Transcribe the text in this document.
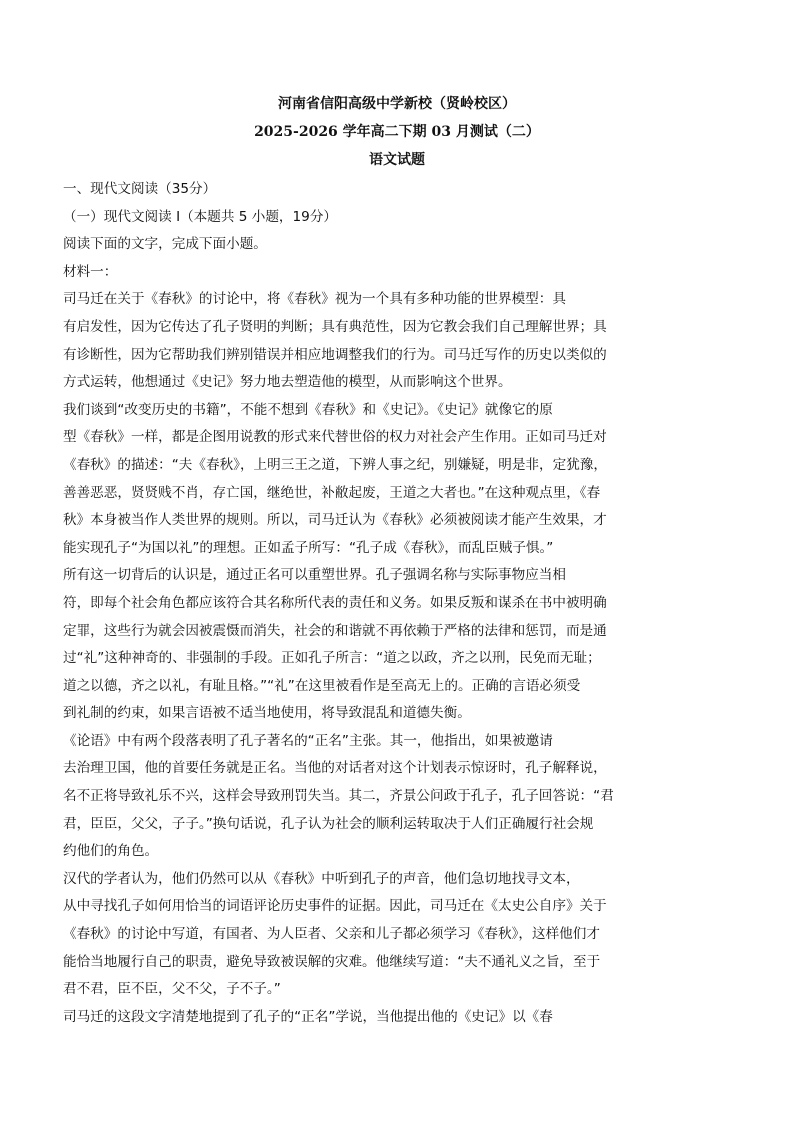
河南省信阳高级中学新校（贤岭校区）
2025-2026 学年高二下期 03 月测试（二）
语文试题

一、现代文阅读（35分）

（一）现代文阅读 I（本题共 5 小题，19分）

阅读下面的文字，完成下面小题。

材料一：

司马迁在关于《春秋》的讨论中，将《春秋》视为一个具有多种功能的世界模型：具

有启发性，因为它传达了孔子贤明的判断；具有典范性，因为它教会我们自己理解世界；具

有诊断性，因为它帮助我们辨别错误并相应地调整我们的行为。司马迁写作的历史以类似的

方式运转，他想通过《史记》努力地去塑造他的模型，从而影响这个世界。

我们谈到“改变历史的书籍”，不能不想到《春秋》和《史记》。《史记》就像它的原

型《春秋》一样，都是企图用说教的形式来代替世俗的权力对社会产生作用。正如司马迁对

《春秋》的描述：“夫《春秋》，上明三王之道，下辨人事之纪，别嫌疑，明是非，定犹豫，

善善恶恶，贤贤贱不肖，存亡国，继绝世，补敝起废，王道之大者也。”在这种观点里，《春

秋》本身被当作人类世界的规则。所以，司马迁认为《春秋》必须被阅读才能产生效果，才

能实现孔子“为国以礼”的理想。正如孟子所写：“孔子成《春秋》，而乱臣贼子惧。”

所有这一切背后的认识是，通过正名可以重塑世界。孔子强调名称与实际事物应当相

符，即每个社会角色都应该符合其名称所代表的责任和义务。如果反叛和谋杀在书中被明确

定罪，这些行为就会因被震慑而消失，社会的和谐就不再依赖于严格的法律和惩罚，而是通

过“礼”这种神奇的、非强制的手段。正如孔子所言：“道之以政，齐之以刑，民免而无耻；

道之以德，齐之以礼，有耻且格。”“礼”在这里被看作是至高无上的。正确的言语必须受

到礼制的约束，如果言语被不适当地使用，将导致混乱和道德失衡。

《论语》中有两个段落表明了孔子著名的“正名”主张。其一，他指出，如果被邀请

去治理卫国，他的首要任务就是正名。当他的对话者对这个计划表示惊讶时，孔子解释说，

名不正将导致礼乐不兴，这样会导致刑罚失当。其二，齐景公问政于孔子，孔子回答说：“君

君，臣臣，父父，子子。”换句话说，孔子认为社会的顺利运转取决于人们正确履行社会规

约他们的角色。

汉代的学者认为，他们仍然可以从《春秋》中听到孔子的声音，他们急切地找寻文本，

从中寻找孔子如何用恰当的词语评论历史事件的证据。因此，司马迁在《太史公自序》关于

《春秋》的讨论中写道，有国者、为人臣者、父亲和儿子都必须学习《春秋》，这样他们才

能恰当地履行自己的职责，避免导致被误解的灾难。他继续写道：“夫不通礼义之旨，至于

君不君，臣不臣，父不父，子不子。”

司马迁的这段文字清楚地提到了孔子的“正名”学说，当他提出他的《史记》以《春
